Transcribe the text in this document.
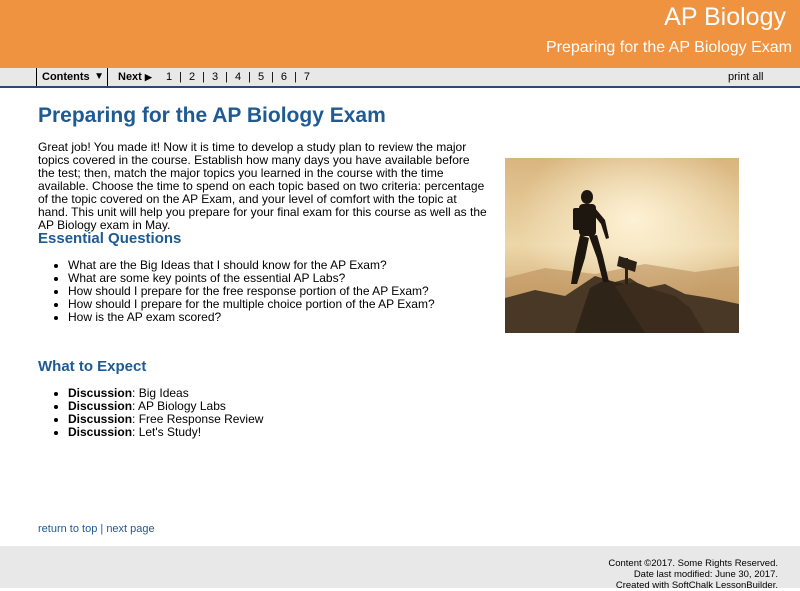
AP Biology
Preparing for the AP Biology Exam
Contents ▼ Next ▶ 1 | 2 | 3 | 4 | 5 | 6 | 7	print all
Preparing for the AP Biology Exam

Great job! You made it! Now it is time to develop a study plan to review the major topics covered in the course. Establish how many days you have available before the test; then, match the major topics you learned in the course with the time available. Choose the time to spend on each topic based on two criteria: percentage of the topic covered on the AP Exam, and your level of comfort with the topic at hand. This unit will help you prepare for your final exam for this course as well as the AP Biology exam in May.

Essential Questions
• What are the Big Ideas that I should know for the AP Exam?
• What are some key points of the essential AP Labs?
• How should I prepare for the free response portion of the AP Exam?
• How should I prepare for the multiple choice portion of the AP Exam?
• How is the AP exam scored?
What to Expect
• Discussion: Big Ideas
• Discussion: AP Biology Labs
• Discussion: Free Response Review
• Discussion: Let's Study!
return to top | next page
Content ©2017. Some Rights Reserved.
Date last modified: June 30, 2017.
Created with SoftChalk LessonBuilder.
